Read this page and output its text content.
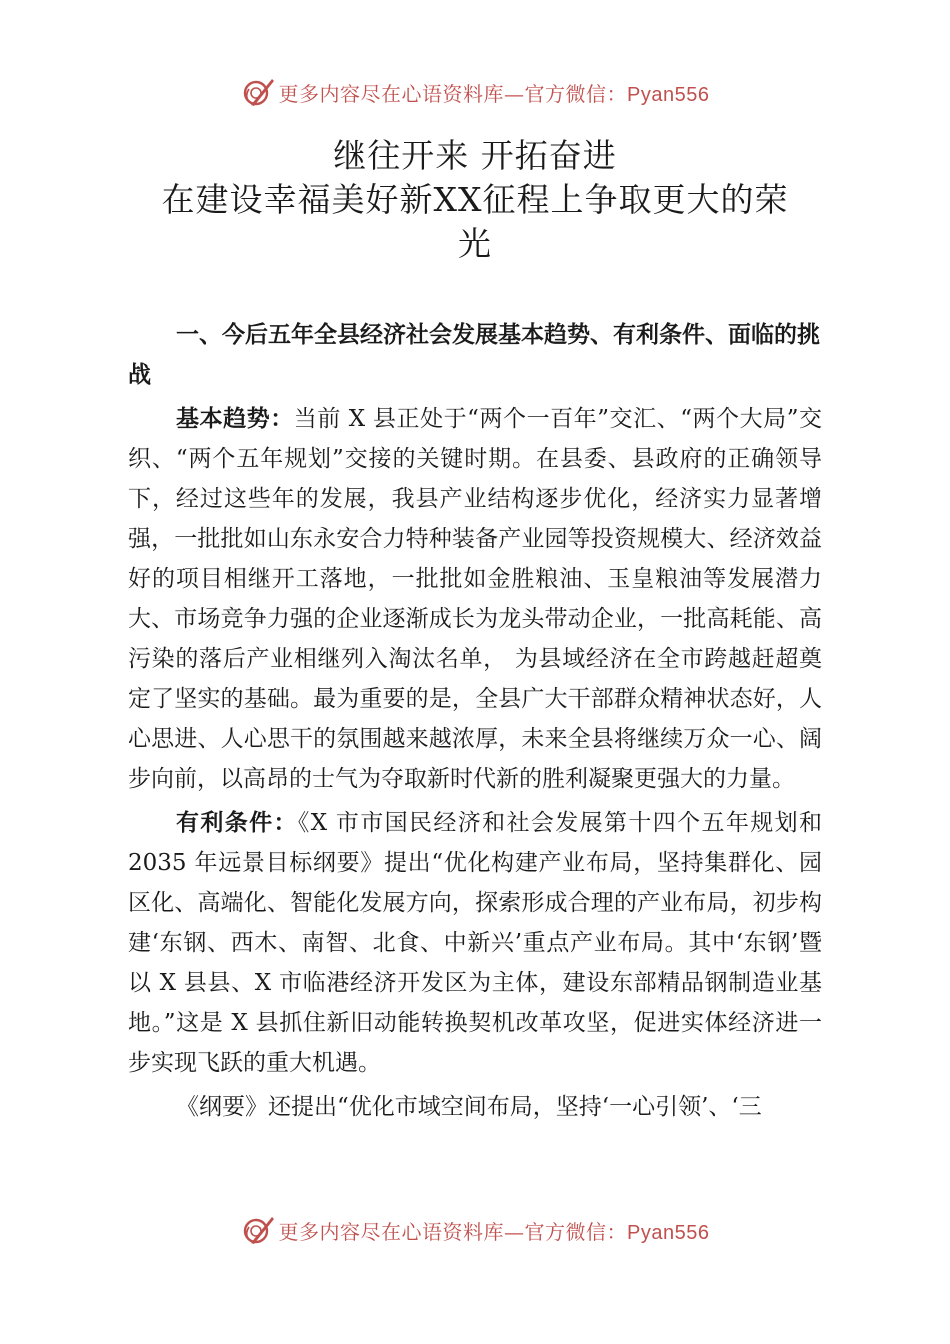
更多内容尽在心语资料库—官方微信：Pyan556
继往开来 开拓奋进
在建设幸福美好新XX征程上争取更大的荣
光

一、今后五年全县经济社会发展基本趋势、有利条件、面临的挑战

基本趋势：当前 X 县正处于“两个一百年”交汇、“两个大局”交织、“两个五年规划”交接的关键时期。在县委、县政府的正确领导下，经过这些年的发展，我县产业结构逐步优化，经济实力显著增强，一批批如山东永安合力特种装备产业园等投资规模大、经济效益好的项目相继开工落地，一批批如金胜粮油、玉皇粮油等发展潜力大、市场竞争力强的企业逐渐成长为龙头带动企业，一批高耗能、高污染的落后产业相继列入淘汰名单， 为县域经济在全市跨越赶超奠定了坚实的基础。最为重要的是，全县广大干部群众精神状态好，人心思进、人心思干的氛围越来越浓厚，未来全县将继续万众一心、阔步向前，以高昂的士气为夺取新时代新的胜利凝聚更强大的力量。

有利条件：《X 市市国民经济和社会发展第十四个五年规划和 2035 年远景目标纲要》提出“优化构建产业布局，坚持集群化、园区化、高端化、智能化发展方向，探索形成合理的产业布局，初步构建‘东钢、西木、南智、北食、中新兴’重点产业布局。其中‘东钢’暨以 X 县县、X 市临港经济开发区为主体，建设东部精品钢制造业基地。”这是 X 县抓住新旧动能转换契机改革攻坚，促进实体经济进一步实现飞跃的重大机遇。

《纲要》还提出“优化市域空间布局，坚持‘一心引领’、‘三

更多内容尽在心语资料库—官方微信：Pyan556
